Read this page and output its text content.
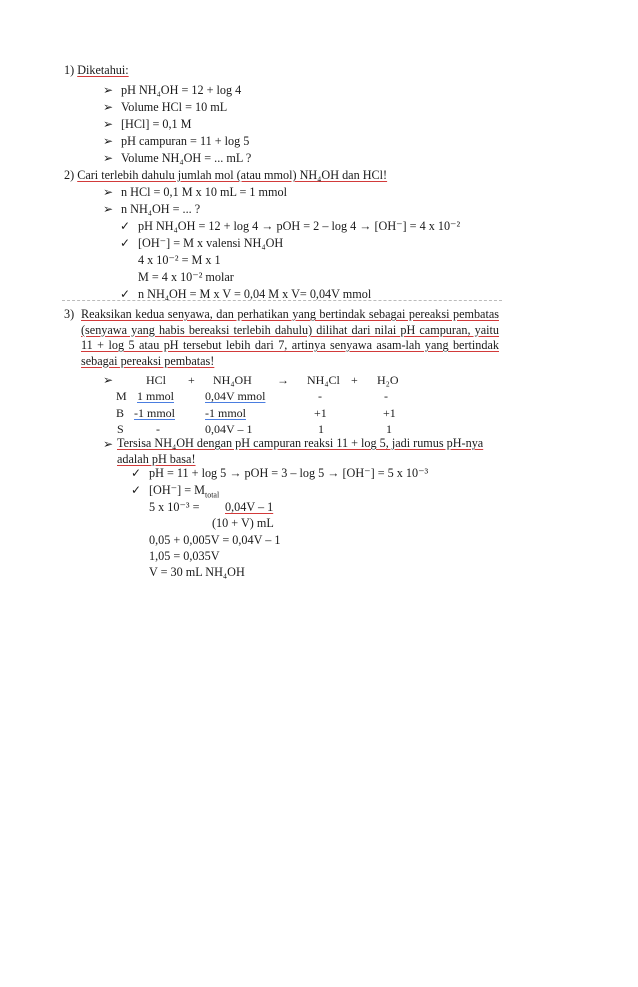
1) Diketahui:
➢ pH NH₄OH = 12 + log 4
➢ Volume HCl = 10 mL
➢ [HCl] = 0,1 M
➢ pH campuran = 11 + log 5
➢ Volume NH₄OH = ... mL ?
2) Cari terlebih dahulu jumlah mol (atau mmol) NH₄OH dan HCl!
➢ n HCl = 0,1 M x 10 mL = 1 mmol
➢ n NH₄OH = ... ?
✓ pH NH₄OH = 12 + log 4 → pOH = 2 – log 4 → [OH⁻] = 4 x 10⁻²
✓ [OH⁻] = M x valensi NH₄OH
4 x 10⁻² = M x 1
M = 4 x 10⁻² molar
✓ n NH₄OH = M x V = 0,04 M x V= 0,04V mmol
3) Reaksikan kedua senyawa, dan perhatikan yang bertindak sebagai pereaksi pembatas (senyawa yang habis bereaksi terlebih dahulu) dilihat dari nilai pH campuran, yaitu 11 + log 5 atau pH tersebut lebih dari 7, artinya senyawa asam-lah yang bertindak sebagai pereaksi pembatas!
➢	HCl + NH₄OH → NH₄Cl + H₂O
M 1 mmol	0,04V mmol	-	-
B -1 mmol	-1 mmol	+1	+1
S	-	0,04V – 1	1	1
➢ Tersisa NH₄OH dengan pH campuran reaksi 11 + log 5, jadi rumus pH-nya adalah pH basa!
✓ pH = 11 + log 5 → pOH = 3 – log 5 → [OH⁻] = 5 x 10⁻³
✓ $[OH^-] = M_{total}$
5 x 10⁻³ = 0,04V – 1
(10 + V) mL
0,05 + 0,005V = 0,04V – 1
1,05 = 0,035V
V = 30 mL NH₄OH
